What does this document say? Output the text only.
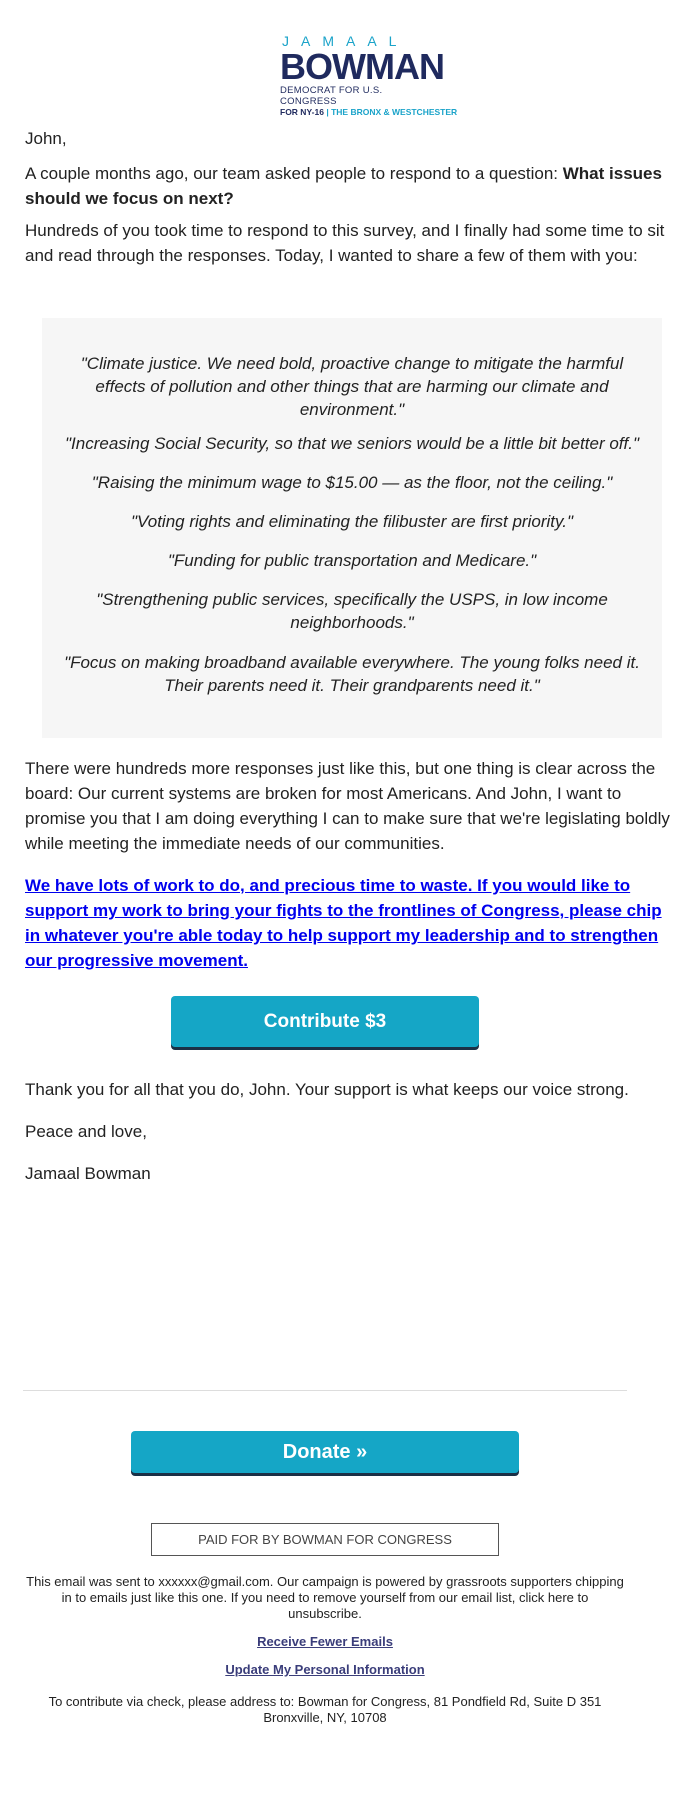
JAMAAL
BOWMAN
DEMOCRAT FOR U.S. CONGRESS
FOR NY-16 | THE BRONX & WESTCHESTER

John,

A couple months ago, our team asked people to respond to a question: What issues should we focus on next?

Hundreds of you took time to respond to this survey, and I finally had some time to sit and read through the responses. Today, I wanted to share a few of them with you:

"Climate justice. We need bold, proactive change to mitigate the harmful effects of pollution and other things that are harming our climate and environment."

"Increasing Social Security, so that we seniors would be a little bit better off."

"Raising the minimum wage to $15.00 — as the floor, not the ceiling."

"Voting rights and eliminating the filibuster are first priority."

"Funding for public transportation and Medicare."

"Strengthening public services, specifically the USPS, in low income neighborhoods."

"Focus on making broadband available everywhere. The young folks need it. Their parents need it. Their grandparents need it."

There were hundreds more responses just like this, but one thing is clear across the board: Our current systems are broken for most Americans. And John, I want to promise you that I am doing everything I can to make sure that we're legislating boldly while meeting the immediate needs of our communities.

We have lots of work to do, and precious time to waste. If you would like to support my work to bring your fights to the frontlines of Congress, please chip in whatever you're able today to help support my leadership and to strengthen our progressive movement.
Contribute $3

Thank you for all that you do, John. Your support is what keeps our voice strong.

Peace and love,

Jamaal Bowman

Donate »
PAID FOR BY BOWMAN FOR CONGRESS

This email was sent to xxxxxx@gmail.com. Our campaign is powered by grassroots supporters chipping in to emails just like this one. If you need to remove yourself from our email list, click here to unsubscribe.

Receive Fewer Emails
Update My Personal Information

To contribute via check, please address to: Bowman for Congress, 81 Pondfield Rd, Suite D 351 Bronxville, NY, 10708
